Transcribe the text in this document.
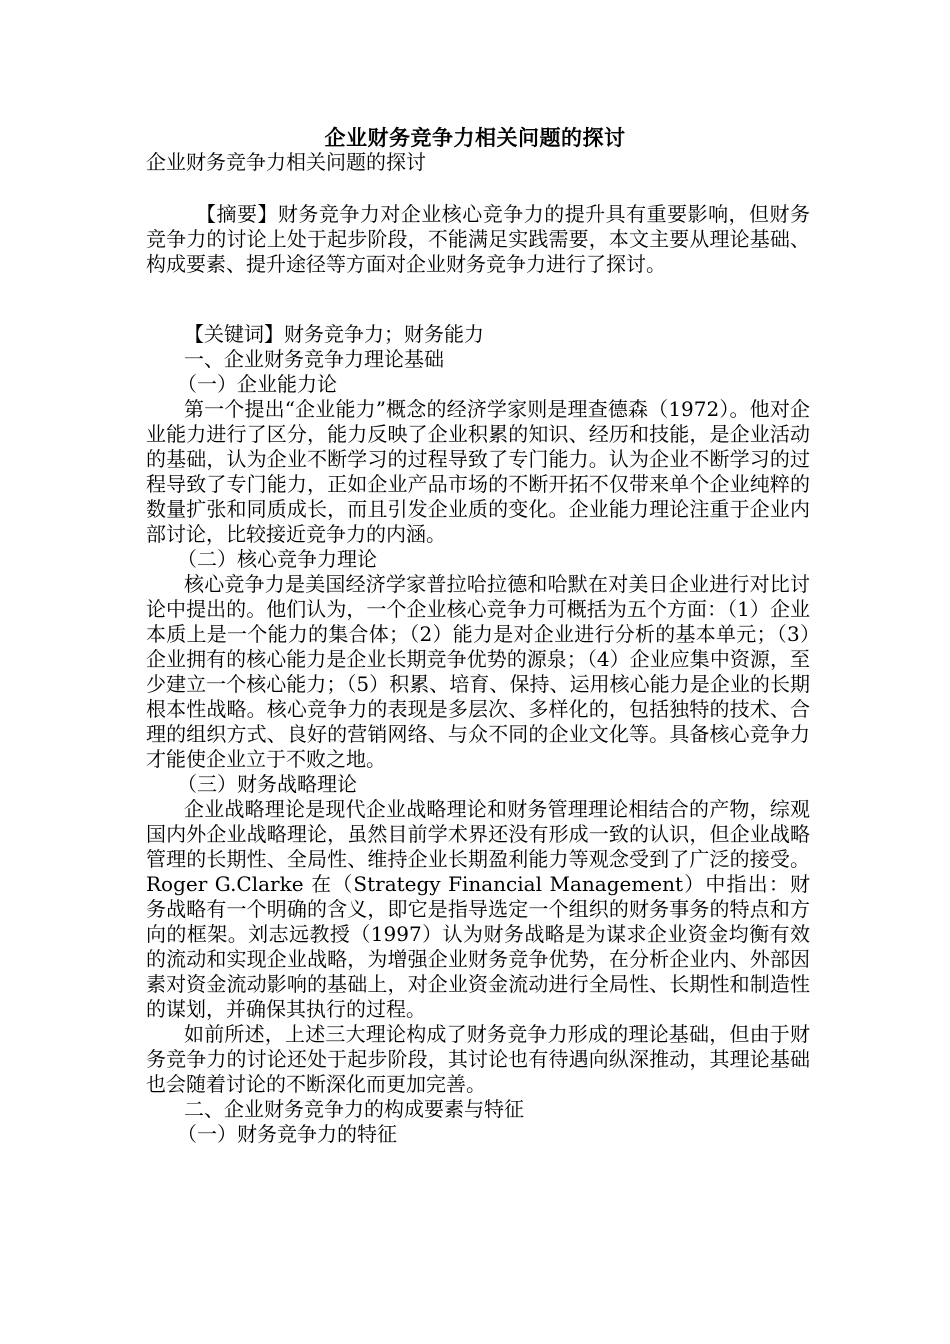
企业财务竞争力相关问题的探讨
企业财务竞争力相关问题的探讨
【摘要】财务竞争力对企业核心竞争力的提升具有重要影响，但财务竞争力的讨论上处于起步阶段，不能满足实践需要，本文主要从理论基础、构成要素、提升途径等方面对企业财务竞争力进行了探讨。

【关键词】财务竞争力；财务能力

一、企业财务竞争力理论基础

（一）企业能力论

第一个提出“企业能力”概念的经济学家则是理查德森（1972）。他对企业能力进行了区分，能力反映了企业积累的知识、经历和技能，是企业活动的基础，认为企业不断学习的过程导致了专门能力。认为企业不断学习的过程导致了专门能力，正如企业产品市场的不断开拓不仅带来单个企业纯粹的数量扩张和同质成长，而且引发企业质的变化。企业能力理论注重于企业内部讨论，比较接近竞争力的内涵。

（二）核心竞争力理论

核心竞争力是美国经济学家普拉哈拉德和哈默在对美日企业进行对比讨论中提出的。他们认为，一个企业核心竞争力可概括为五个方面：（1）企业本质上是一个能力的集合体；（2）能力是对企业进行分析的基本单元；（3）企业拥有的核心能力是企业长期竞争优势的源泉；（4）企业应集中资源，至少建立一个核心能力；（5）积累、培育、保持、运用核心能力是企业的长期根本性战略。核心竞争力的表现是多层次、多样化的，包括独特的技术、合理的组织方式、良好的营销网络、与众不同的企业文化等。具备核心竞争力才能使企业立于不败之地。

（三）财务战略理论

企业战略理论是现代企业战略理论和财务管理理论相结合的产物，综观国内外企业战略理论，虽然目前学术界还没有形成一致的认识，但企业战略管理的长期性、全局性、维持企业长期盈利能力等观念受到了广泛的接受。Roger G.Clarke 在（Strategy Financial Management）中指出：财务战略有一个明确的含义，即它是指导选定一个组织的财务事务的特点和方向的框架。刘志远教授（1997）认为财务战略是为谋求企业资金均衡有效的流动和实现企业战略，为增强企业财务竞争优势，在分析企业内、外部因素对资金流动影响的基础上，对企业资金流动进行全局性、长期性和制造性的谋划，并确保其执行的过程。

如前所述，上述三大理论构成了财务竞争力形成的理论基础，但由于财务竞争力的讨论还处于起步阶段，其讨论也有待遇向纵深推动，其理论基础也会随着讨论的不断深化而更加完善。

二、企业财务竞争力的构成要素与特征

（一）财务竞争力的特征
